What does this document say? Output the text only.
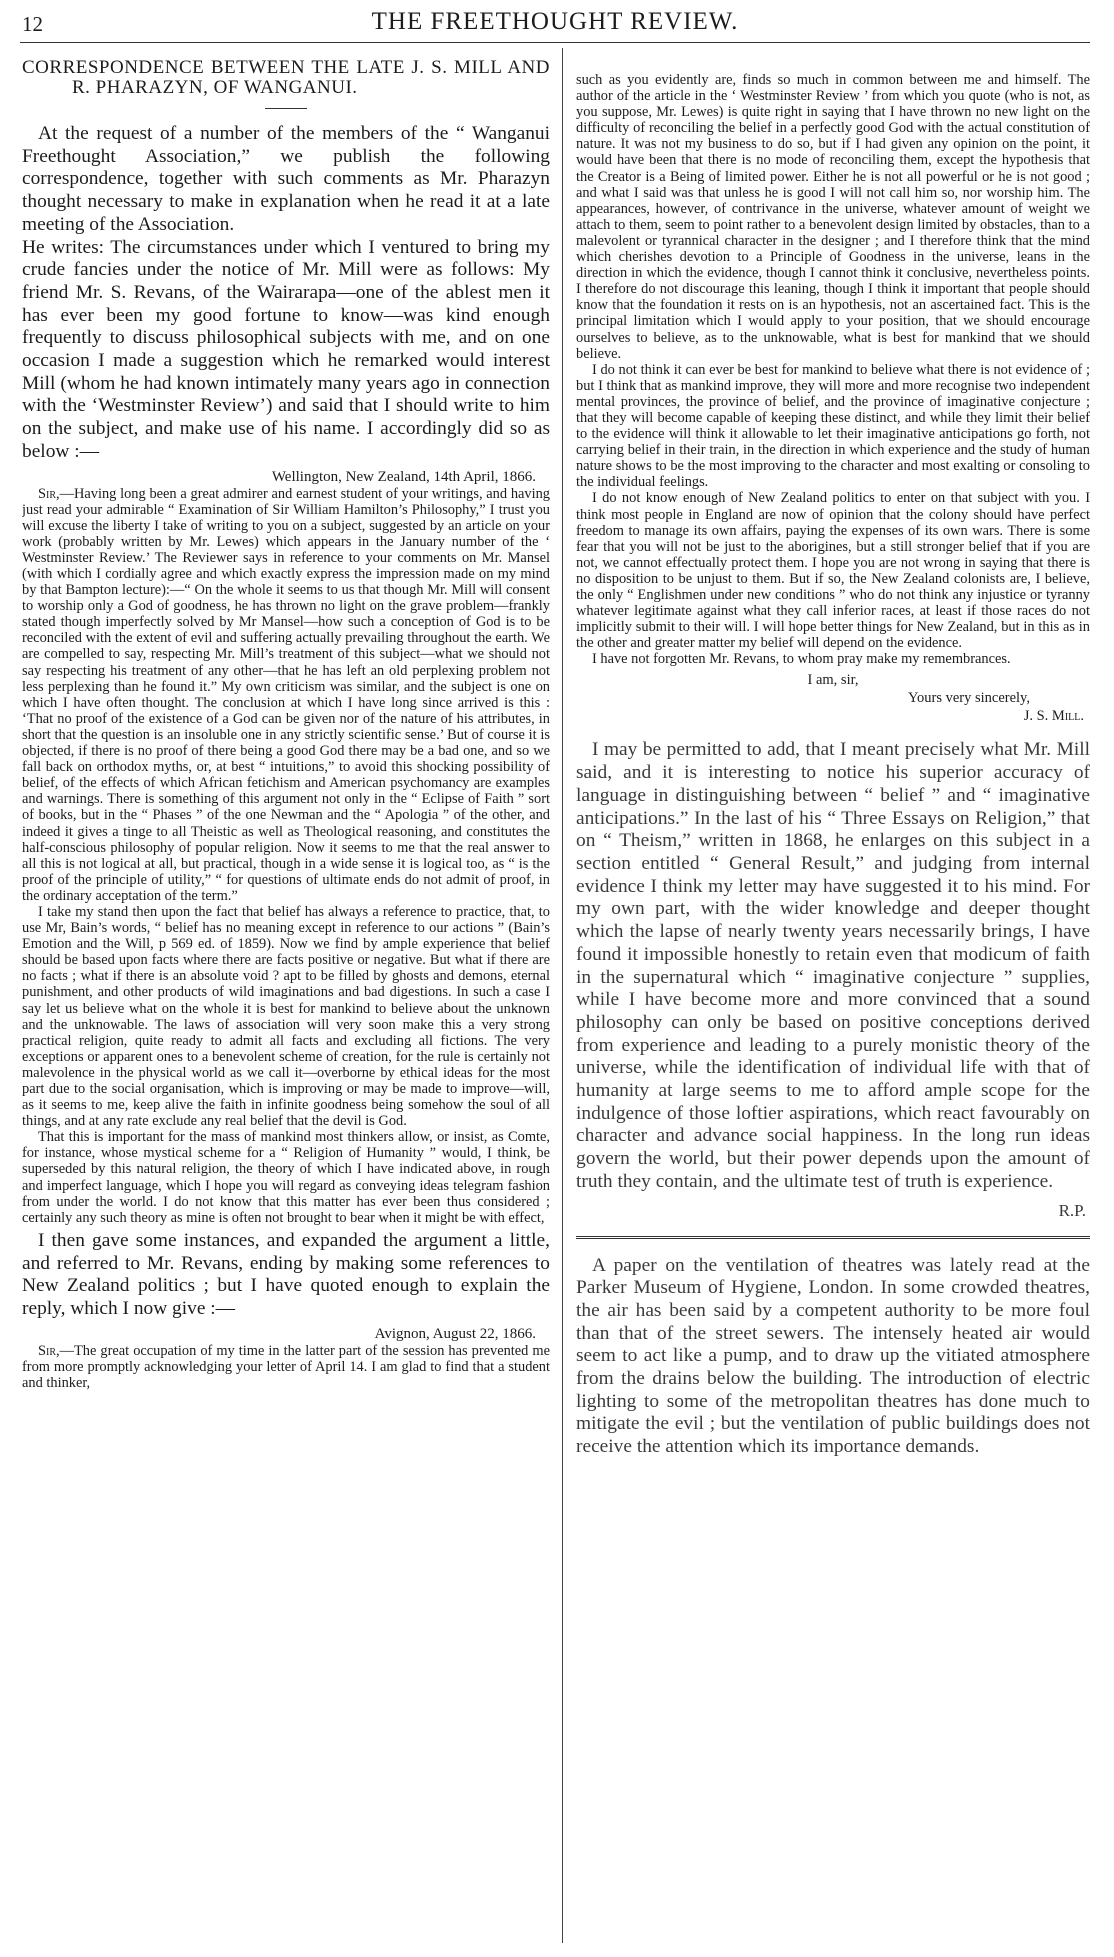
12	THE FREETHOUGHT REVIEW.

CORRESPONDENCE BETWEEN THE LATE J. S. MILL AND R. PHARAZYN, OF WANGANUI.

At the request of a number of the members of the “ Wanganui Freethought Association,” we publish the following correspondence, together with such comments as Mr. Pharazyn thought necessary to make in explanation when he read it at a late meeting of the Association.

He writes: The circumstances under which I ventured to bring my crude fancies under the notice of Mr. Mill were as follows: My friend Mr. S. Revans, of the Wairarapa—one of the ablest men it has ever been my good fortune to know—was kind enough frequently to discuss philosophical subjects with me, and on one occasion I made a suggestion which he remarked would interest Mill (whom he had known intimately many years ago in connection with the ‘Westminster Review’) and said that I should write to him on the subject, and make use of his name. I accordingly did so as below :—

Wellington, New Zealand, 14th April, 1866.

Sir,—Having long been a great admirer and earnest student of your writings, and having just read your admirable “ Examination of Sir William Hamilton’s Philosophy,” I trust you will excuse the liberty I take of writing to you on a subject, suggested by an article on your work (probably written by Mr. Lewes) which appears in the January number of the ‘ Westminster Review.’ The Reviewer says in reference to your comments on Mr. Mansel (with which I cordially agree and which exactly express the impression made on my mind by that Bampton lecture):—“ On the whole it seems to us that though Mr. Mill will consent to worship only a God of goodness, he has thrown no light on the grave problem—frankly stated though imperfectly solved by Mr Mansel—how such a conception of God is to be reconciled with the extent of evil and suffering actually prevailing throughout the earth. We are compelled to say, respecting Mr. Mill’s treatment of this subject—what we should not say respecting his treatment of any other—that he has left an old perplexing problem not less perplexing than he found it.” My own criticism was similar, and the subject is one on which I have often thought. The conclusion at which I have long since arrived is this : ‘That no proof of the existence of a God can be given nor of the nature of his attributes, in short that the question is an insoluble one in any strictly scientific sense.’ But of course it is objected, if there is no proof of there being a good God there may be a bad one, and so we fall back on orthodox myths, or, at best “ intuitions,” to avoid this shocking possibility of belief, of the effects of which African fetichism and American psychomancy are examples and warnings. There is something of this argument not only in the “ Eclipse of Faith ” sort of books, but in the “ Phases ” of the one Newman and the “ Apologia ” of the other, and indeed it gives a tinge to all Theistic as well as Theological reasoning, and constitutes the half-conscious philosophy of popular religion. Now it seems to me that the real answer to all this is not logical at all, but practical, though in a wide sense it is logical too, as “ is the proof of the principle of utility,” “ for questions of ultimate ends do not admit of proof, in the ordinary acceptation of the term.”

I take my stand then upon the fact that belief has always a reference to practice, that, to use Mr, Bain’s words, “ belief has no meaning except in reference to our actions ” (Bain’s Emotion and the Will, p 569 ed. of 1859). Now we find by ample experience that belief should be based upon facts where there are facts positive or negative. But what if there are no facts ; what if there is an absolute void ? apt to be filled by ghosts and demons, eternal punishment, and other products of wild imaginations and bad digestions. In such a case I say let us believe what on the whole it is best for mankind to believe about the unknown and the unknowable. The laws of association will very soon make this a very strong practical religion, quite ready to admit all facts and excluding all fictions. The very exceptions or apparent ones to a benevolent scheme of creation, for the rule is certainly not malevolence in the physical world as we call it—overborne by ethical ideas for the most part due to the social organisation, which is improving or may be made to improve—will, as it seems to me, keep alive the faith in infinite goodness being somehow the soul of all things, and at any rate exclude any real belief that the devil is God.

That this is important for the mass of mankind most thinkers allow, or insist, as Comte, for instance, whose mystical scheme for a “ Religion of Humanity ” would, I think, be superseded by this natural religion, the theory of which I have indicated above, in rough and imperfect language, which I hope you will regard as conveying ideas telegram fashion from under the world. I do not know that this matter has ever been thus considered ; certainly any such theory as mine is often not brought to bear when it might be with effect,

I then gave some instances, and expanded the argument a little, and referred to Mr. Revans, ending by making some references to New Zealand politics ; but I have quoted enough to explain the reply, which I now give :—

Avignon, August 22, 1866.

Sir,—The great occupation of my time in the latter part of the session has prevented me from more promptly acknowledging your letter of April 14. I am glad to find that a student and thinker,

such as you evidently are, finds so much in common between me and himself. The author of the article in the ‘ Westminster Review ’ from which you quote (who is not, as you suppose, Mr. Lewes) is quite right in saying that I have thrown no new light on the difficulty of reconciling the belief in a perfectly good God with the actual constitution of nature. It was not my business to do so, but if I had given any opinion on the point, it would have been that there is no mode of reconciling them, except the hypothesis that the Creator is a Being of limited power. Either he is not all powerful or he is not good ; and what I said was that unless he is good I will not call him so, nor worship him. The appearances, however, of contrivance in the universe, whatever amount of weight we attach to them, seem to point rather to a benevolent design limited by obstacles, than to a malevolent or tyrannical character in the designer ; and I therefore think that the mind which cherishes devotion to a Principle of Goodness in the universe, leans in the direction in which the evidence, though I cannot think it conclusive, nevertheless points. I therefore do not discourage this leaning, though I think it important that people should know that the foundation it rests on is an hypothesis, not an ascertained fact. This is the principal limitation which I would apply to your position, that we should encourage ourselves to believe, as to the unknowable, what is best for mankind that we should believe.

I do not think it can ever be best for mankind to believe what there is not evidence of ; but I think that as mankind improve, they will more and more recognise two independent mental provinces, the province of belief, and the province of imaginative conjecture ; that they will become capable of keeping these distinct, and while they limit their belief to the evidence will think it allowable to let their imaginative anticipations go forth, not carrying belief in their train, in the direction in which experience and the study of human nature shows to be the most improving to the character and most exalting or consoling to the individual feelings.

I do not know enough of New Zealand politics to enter on that subject with you. I think most people in England are now of opinion that the colony should have perfect freedom to manage its own affairs, paying the expenses of its own wars. There is some fear that you will not be just to the aborigines, but a still stronger belief that if you are not, we cannot effectually protect them. I hope you are not wrong in saying that there is no disposition to be unjust to them. But if so, the New Zealand colonists are, I believe, the only “ Englishmen under new conditions ” who do not think any injustice or tyranny whatever legitimate against what they call inferior races, at least if those races do not implicitly submit to their will. I will hope better things for New Zealand, but in this as in the other and greater matter my belief will depend on the evidence.

I have not forgotten Mr. Revans, to whom pray make my remembrances.

I am, sir,

Yours very sincerely,

J. S. Mill.

I may be permitted to add, that I meant precisely what Mr. Mill said, and it is interesting to notice his superior accuracy of language in distinguishing between “ belief ” and “ imaginative anticipations.” In the last of his “ Three Essays on Religion,” that on “ Theism,” written in 1868, he enlarges on this subject in a section entitled “ General Result,” and judging from internal evidence I think my letter may have suggested it to his mind. For my own part, with the wider knowledge and deeper thought which the lapse of nearly twenty years necessarily brings, I have found it impossible honestly to retain even that modicum of faith in the supernatural which “ imaginative conjecture ” supplies, while I have become more and more convinced that a sound philosophy can only be based on positive conceptions derived from experience and leading to a purely monistic theory of the universe, while the identification of individual life with that of humanity at large seems to me to afford ample scope for the indulgence of those loftier aspirations, which react favourably on character and advance social happiness. In the long run ideas govern the world, but their power depends upon the amount of truth they contain, and the ultimate test of truth is experience.

R.P.

A paper on the ventilation of theatres was lately read at the Parker Museum of Hygiene, London. In some crowded theatres, the air has been said by a competent authority to be more foul than that of the street sewers. The intensely heated air would seem to act like a pump, and to draw up the vitiated atmosphere from the drains below the building. The introduction of electric lighting to some of the metropolitan theatres has done much to mitigate the evil ; but the ventilation of public buildings does not receive the attention which its importance demands.
